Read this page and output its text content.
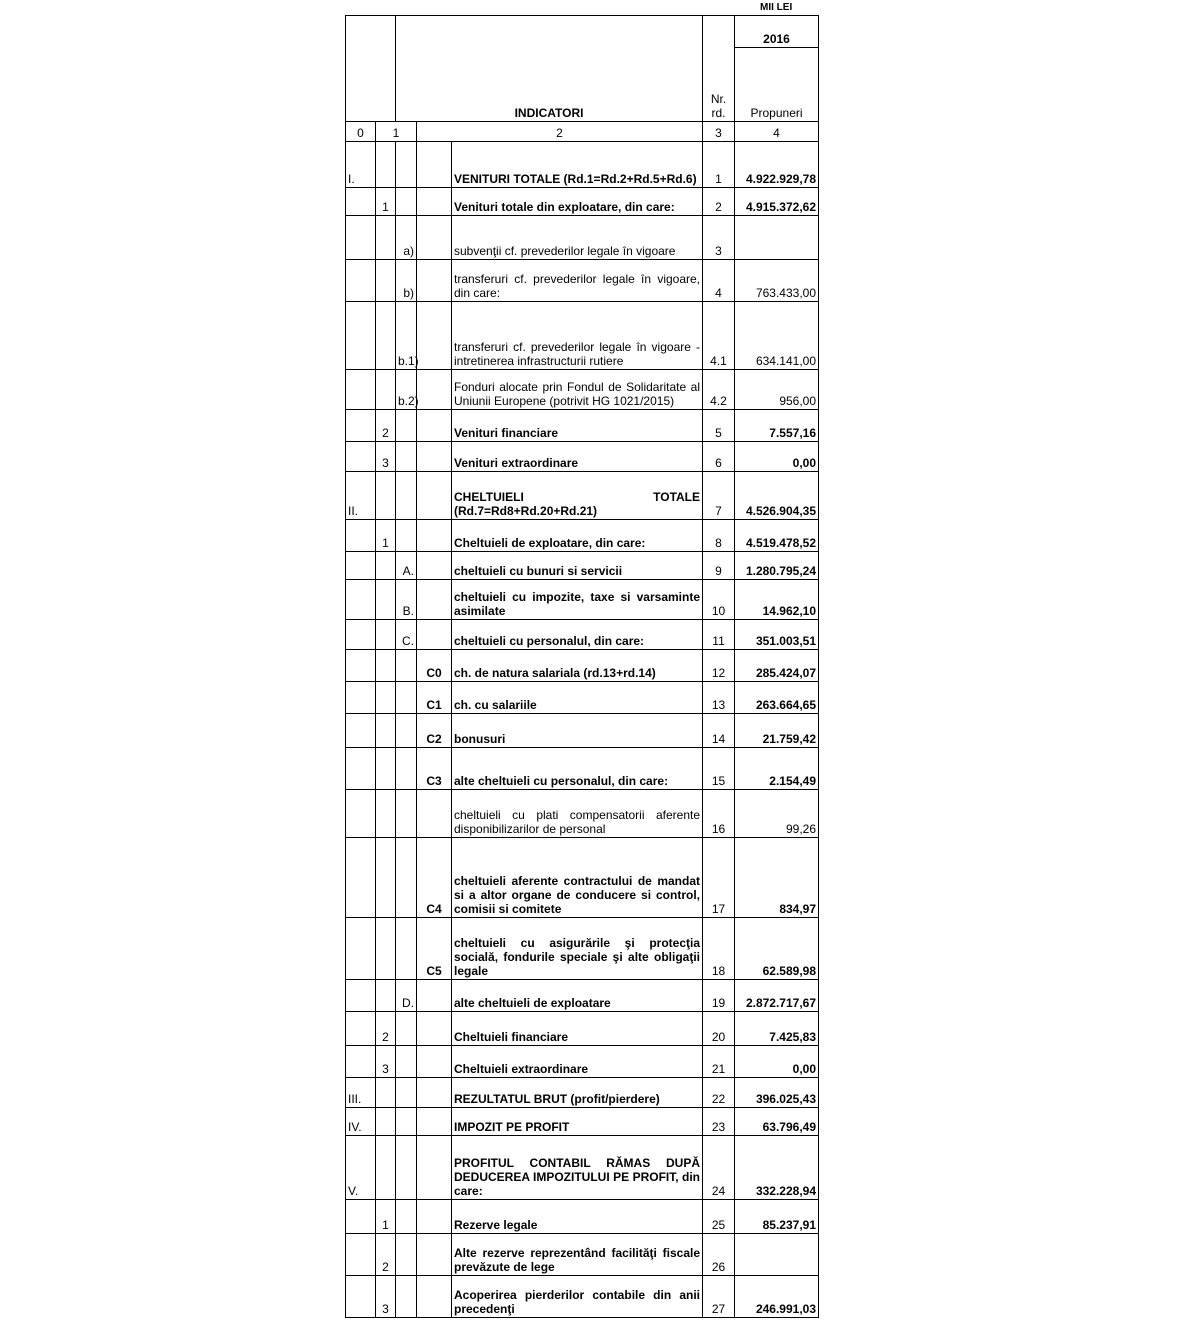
MII LEI
		INDICATORI			Nr. rd.	2016
						Propuneri
0	1		2		3	4
I.				VENITURI TOTALE (Rd.1=Rd.2+Rd.5+Rd.6)	1	4.922.929,78
	1			Venituri totale din exploatare, din care:	2	4.915.372,62
		a)		subvenţii cf. prevederilor legale în vigoare	3	
		b)		transferuri cf. prevederilor legale în vigoare, din care:	4	763.433,00
		b.1)		transferuri cf. prevederilor legale în vigoare - intretinerea infrastructurii rutiere	4.1	634.141,00
		b.2)		Fonduri alocate prin Fondul de Solidaritate al Uniunii Europene (potrivit HG 1021/2015)	4.2	956,00
	2			Venituri financiare	5	7.557,16
	3			Venituri extraordinare	6	0,00
II.				CHELTUIELI TOTALE (Rd.7=Rd8+Rd.20+Rd.21)	7	4.526.904,35
	1			Cheltuieli de exploatare, din care:	8	4.519.478,52
		A.		cheltuieli cu bunuri si servicii	9	1.280.795,24
		B.		cheltuieli cu impozite, taxe si varsaminte asimilate	10	14.962,10
		C.		cheltuieli cu personalul, din care:	11	351.003,51
			C0	ch. de natura salariala (rd.13+rd.14)	12	285.424,07
			C1	ch. cu salariile	13	263.664,65
			C2	bonusuri	14	21.759,42
			C3	alte cheltuieli cu personalul, din care:	15	2.154,49
				cheltuieli cu plati compensatorii aferente disponibilizarilor de personal	16	99,26
			C4	cheltuieli aferente contractului de mandat si a altor organe de conducere si control, comisii si comitete	17	834,97
			C5	cheltuieli cu asigurările şi protecţia socială, fondurile speciale şi alte obligaţii legale	18	62.589,98
		D.		alte cheltuieli de exploatare	19	2.872.717,67
	2			Cheltuieli financiare	20	7.425,83
	3			Cheltuieli extraordinare	21	0,00
III.				REZULTATUL BRUT (profit/pierdere)	22	396.025,43
IV.				IMPOZIT PE PROFIT	23	63.796,49
V.				PROFITUL CONTABIL RĂMAS DUPĂ DEDUCEREA IMPOZITULUI PE PROFIT, din care:	24	332.228,94
	1			Rezerve legale	25	85.237,91
	2			Alte rezerve reprezentând facilităţi fiscale prevăzute de lege	26	
	3			Acoperirea pierderilor contabile din anii precedenţi	27	246.991,03
